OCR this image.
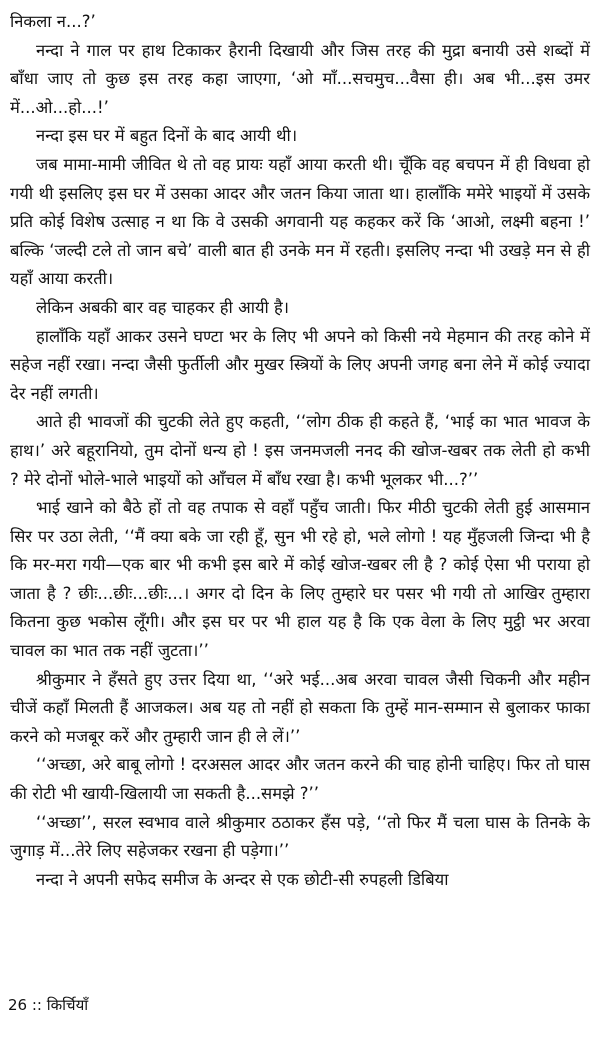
निकला न...?’

नन्दा ने गाल पर हाथ टिकाकर हैरानी दिखायी और जिस तरह की मुद्रा बनायी उसे शब्दों में बाँधा जाए तो कुछ इस तरह कहा जाएगा, ‘ओ माँ...सचमुच...वैसा ही। अब भी...इस उमर में...ओ...हो...!’

नन्दा इस घर में बहुत दिनों के बाद आयी थी।

जब मामा-मामी जीवित थे तो वह प्रायः यहाँ आया करती थी। चूँकि वह बचपन में ही विधवा हो गयी थी इसलिए इस घर में उसका आदर और जतन किया जाता था। हालाँकि ममेरे भाइयों में उसके प्रति कोई विशेष उत्साह न था कि वे उसकी अगवानी यह कहकर करें कि ‘आओ, लक्ष्मी बहना !’ बल्कि ‘जल्दी टले तो जान बचे’ वाली बात ही उनके मन में रहती। इसलिए नन्दा भी उखड़े मन से ही यहाँ आया करती।

लेकिन अबकी बार वह चाहकर ही आयी है।

हालाँकि यहाँ आकर उसने घण्टा भर के लिए भी अपने को किसी नये मेहमान की तरह कोने में सहेज नहीं रखा। नन्दा जैसी फुर्तीली और मुखर स्त्रियों के लिए अपनी जगह बना लेने में कोई ज्यादा देर नहीं लगती।

आते ही भावजों की चुटकी लेते हुए कहती, ‘‘लोग ठीक ही कहते हैं, ‘भाई का भात भावज के हाथ।’ अरे बहूरानियो, तुम दोनों धन्य हो ! इस जनमजली ननद की खोज-खबर तक लेती हो कभी ? मेरे दोनों भोले-भाले भाइयों को आँचल में बाँध रखा है। कभी भूलकर भी...?’’

भाई खाने को बैठे हों तो वह तपाक से वहाँ पहुँच जाती। फिर मीठी चुटकी लेती हुई आसमान सिर पर उठा लेती, ‘‘मैं क्या बके जा रही हूँ, सुन भी रहे हो, भले लोगो ! यह मुँहजली जिन्दा भी है कि मर-मरा गयी—एक बार भी कभी इस बारे में कोई खोज-खबर ली है ? कोई ऐसा भी पराया हो जाता है ? छीः...छीः...छीः...। अगर दो दिन के लिए तुम्हारे घर पसर भी गयी तो आखिर तुम्हारा कितना कुछ भकोस लूँगी। और इस घर पर भी हाल यह है कि एक वेला के लिए मुट्ठी भर अरवा चावल का भात तक नहीं जुटता।’’

श्रीकुमार ने हँसते हुए उत्तर दिया था, ‘‘अरे भई...अब अरवा चावल जैसी चिकनी और महीन चीजें कहाँ मिलती हैं आजकल। अब यह तो नहीं हो सकता कि तुम्हें मान-सम्मान से बुलाकर फाका करने को मजबूर करें और तुम्हारी जान ही ले लें।’’

‘‘अच्छा, अरे बाबू लोगो ! दरअसल आदर और जतन करने की चाह होनी चाहिए। फिर तो घास की रोटी भी खायी-खिलायी जा सकती है...समझे ?’’

‘‘अच्छा’’, सरल स्वभाव वाले श्रीकुमार ठठाकर हँस पड़े, ‘‘तो फिर मैं चला घास के तिनके के जुगाड़ में...तेरे लिए सहेजकर रखना ही पड़ेगा।’’

नन्दा ने अपनी सफेद समीज के अन्दर से एक छोटी-सी रुपहली डिबिया

26 :: किर्चियाँ
